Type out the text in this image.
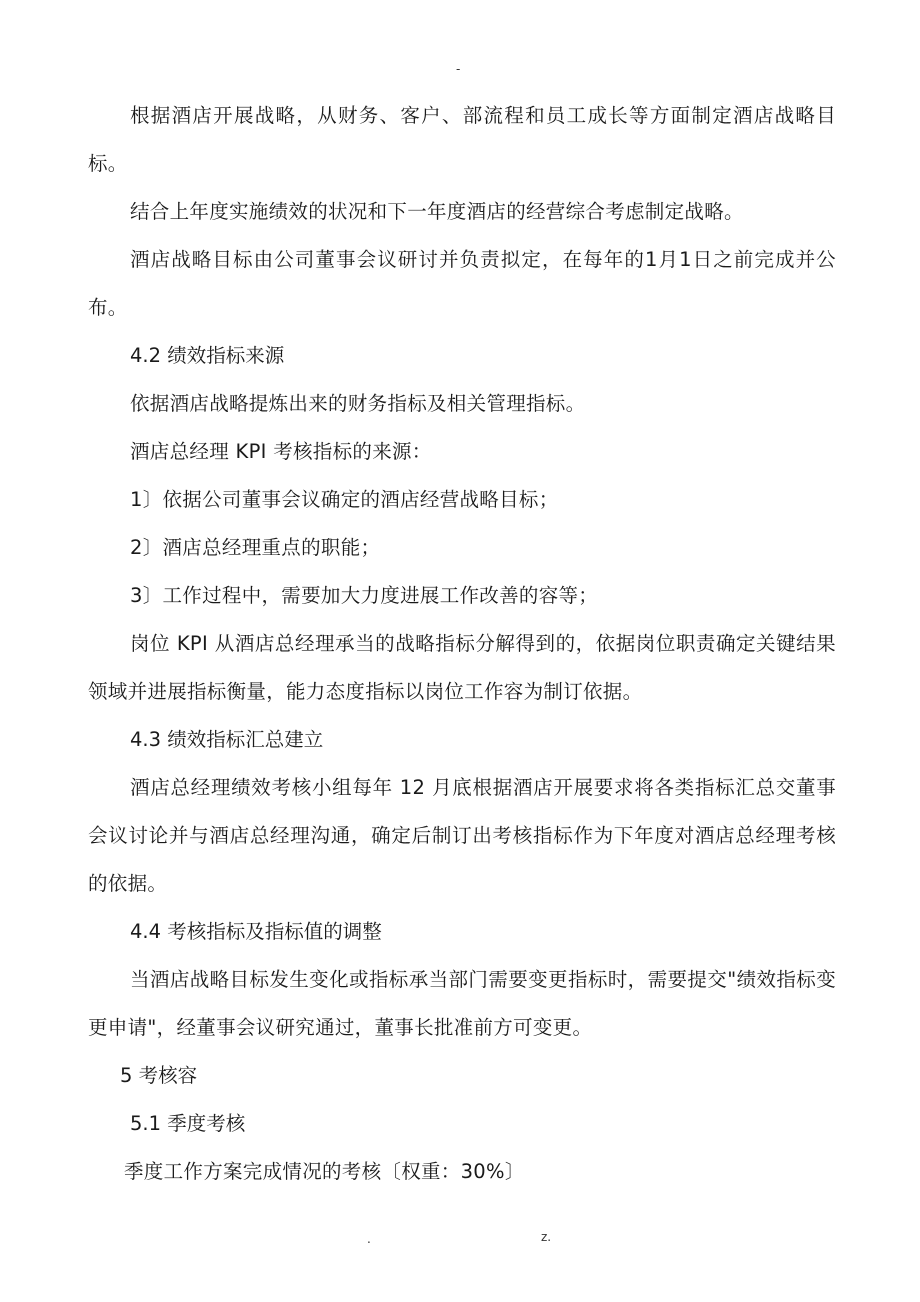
-

根据酒店开展战略，从财务、客户、部流程和员工成长等方面制定酒店战略目标。

结合上年度实施绩效的状况和下一年度酒店的经营综合考虑制定战略。

酒店战略目标由公司董事会议研讨并负责拟定，在每年的1月1日之前完成并公布。

4.2 绩效指标来源

依据酒店战略提炼出来的财务指标及相关管理指标。

酒店总经理 KPI 考核指标的来源：

1〕依据公司董事会议确定的酒店经营战略目标；

2〕酒店总经理重点的职能；

3〕工作过程中，需要加大力度进展工作改善的容等；

岗位 KPI 从酒店总经理承当的战略指标分解得到的，依据岗位职责确定关键结果领域并进展指标衡量，能力态度指标以岗位工作容为制订依据。

4.3 绩效指标汇总建立

酒店总经理绩效考核小组每年 12 月底根据酒店开展要求将各类指标汇总交董事会议讨论并与酒店总经理沟通，确定后制订出考核指标作为下年度对酒店总经理考核的依据。

4.4 考核指标及指标值的调整

当酒店战略目标发生变化或指标承当部门需要变更指标时，需要提交"绩效指标变更申请"，经董事会议研究通过，董事长批准前方可变更。

5 考核容

5.1 季度考核

季度工作方案完成情况的考核〔权重：30%〕

.	z.
